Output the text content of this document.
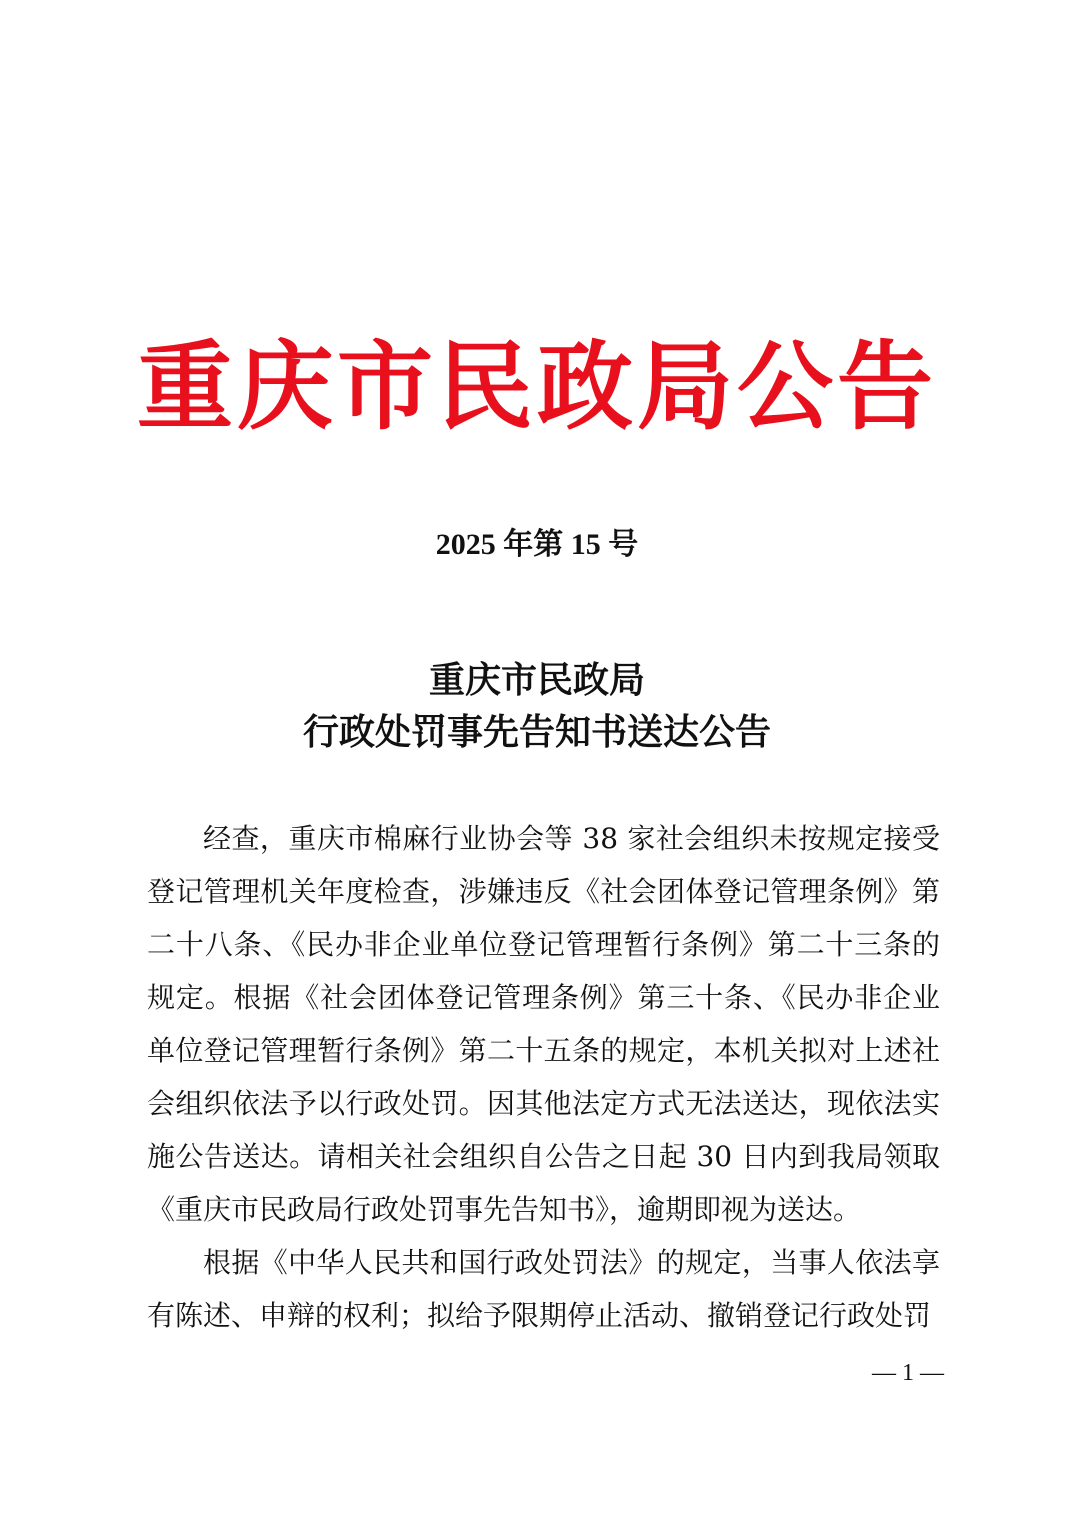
重庆市民政局公告
2025 年第 15 号
重庆市民政局
行政处罚事先告知书送达公告

经查，重庆市棉麻行业协会等 38 家社会组织未按规定接受登记管理机关年度检查，涉嫌违反《社会团体登记管理条例》第二十八条、《民办非企业单位登记管理暂行条例》第二十三条的规定。根据《社会团体登记管理条例》第三十条、《民办非企业单位登记管理暂行条例》第二十五条的规定，本机关拟对上述社会组织依法予以行政处罚。因其他法定方式无法送达，现依法实施公告送达。请相关社会组织自公告之日起 30 日内到我局领取《重庆市民政局行政处罚事先告知书》，逾期即视为送达。

根据《中华人民共和国行政处罚法》的规定，当事人依法享有陈述、申辩的权利；拟给予限期停止活动、撤销登记行政处罚

— 1 —
